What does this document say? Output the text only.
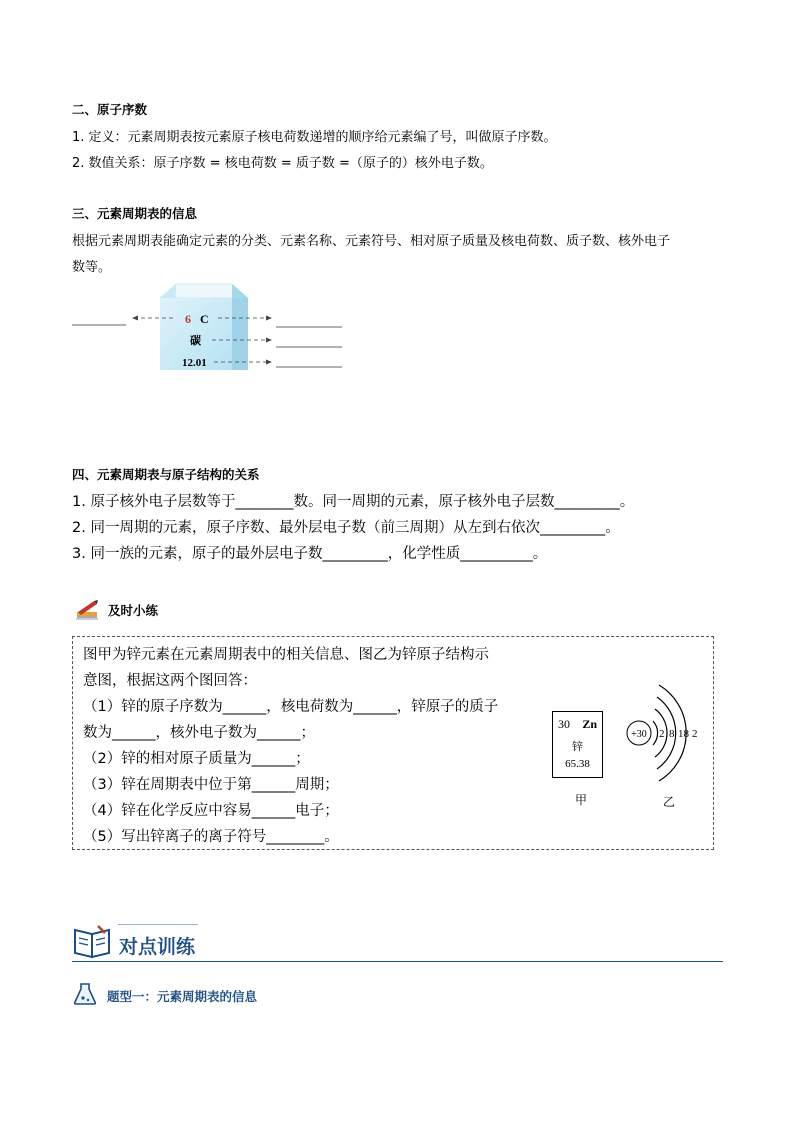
二、原子序数
1. 定义：元素周期表按元素原子核电荷数递增的顺序给元素编了号，叫做原子序数。
2. 数值关系：原子序数 = 核电荷数 = 质子数 =（原子的）核外电子数。
三、元素周期表的信息
根据元素周期表能确定元素的分类、元素名称、元素符号、相对原子质量及核电荷数、质子数、核外电子
数等。
6 C
碳
12.01
四、元素周期表与原子结构的关系
1. 原子核外电子层数等于________数。同一周期的元素，原子核外电子层数_________。
2. 同一周期的元素，原子序数、最外层电子数（前三周期）从左到右依次_________。
3. 同一族的元素，原子的最外层电子数_________，化学性质__________。
及时小练
图甲为锌元素在元素周期表中的相关信息、图乙为锌原子结构示
意图，根据这两个图回答：
（1）锌的原子序数为______，核电荷数为______，锌原子的质子
数为______，核外电子数为______；
（2）锌的相对原子质量为______；
（3）锌在周期表中位于第______周期；
（4）锌在化学反应中容易______电子；
（5）写出锌离子的离子符号________。
30 Zn
锌
65.38
甲
+30 2 8 18 2
乙
对点训练
题型一：元素周期表的信息
